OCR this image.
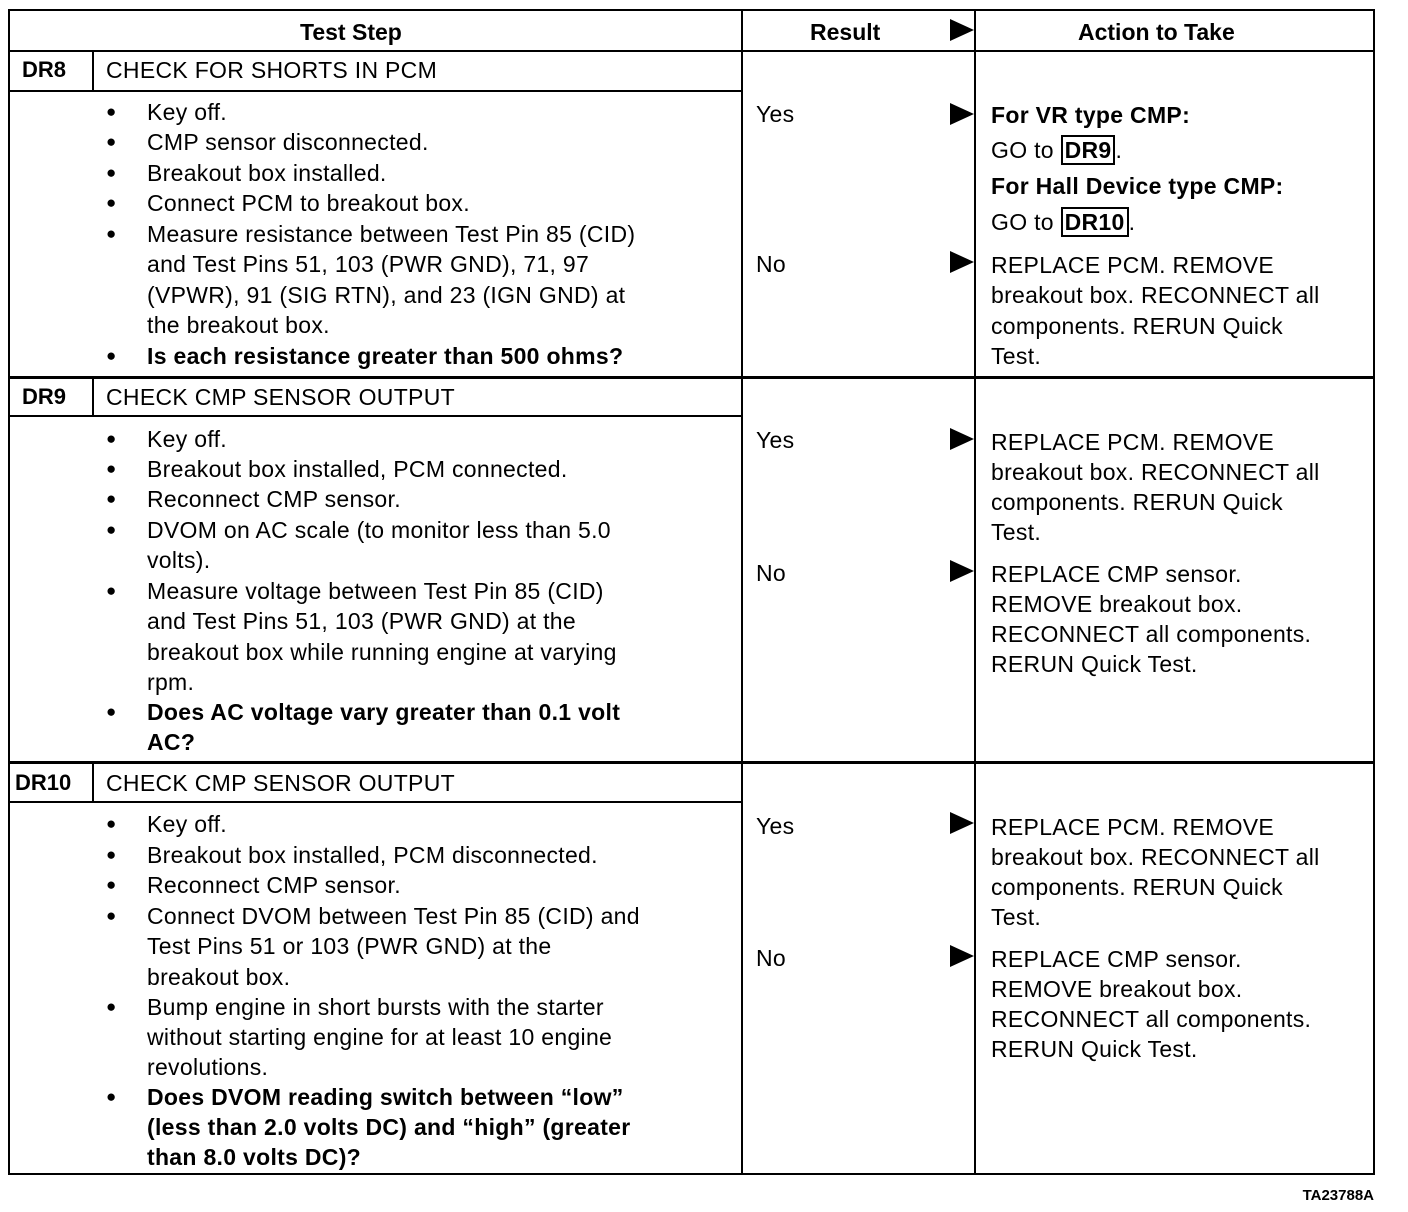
Test Step	Result	Action to Take
DR8 CHECK FOR SHORTS IN PCM
● Key off.
● CMP sensor disconnected.
● Breakout box installed.
● Connect PCM to breakout box.
● Measure resistance between Test Pin 85 (CID)
and Test Pins 51, 103 (PWR GND), 71, 97
(VPWR), 91 (SIG RTN), and 23 (IGN GND) at
the breakout box.
● Is each resistance greater than 500 ohms?
Yes	For VR type CMP:
GO to DR9 .
For Hall Device type CMP:
GO to DR10 .
No	REPLACE PCM. REMOVE
breakout box. RECONNECT all
components. RERUN Quick
Test.
DR9 CHECK CMP SENSOR OUTPUT
● Key off.
● Breakout box installed, PCM connected.
● Reconnect CMP sensor.
● DVOM on AC scale (to monitor less than 5.0
volts).
● Measure voltage between Test Pin 85 (CID)
and Test Pins 51, 103 (PWR GND) at the
breakout box while running engine at varying
rpm.
● Does AC voltage vary greater than 0.1 volt
AC?
Yes	REPLACE PCM. REMOVE
breakout box. RECONNECT all
components. RERUN Quick
Test.
No	REPLACE CMP sensor.
REMOVE breakout box.
RECONNECT all components.
RERUN Quick Test.
DR10 CHECK CMP SENSOR OUTPUT
● Key off.
● Breakout box installed, PCM disconnected.
● Reconnect CMP sensor.
● Connect DVOM between Test Pin 85 (CID) and
Test Pins 51 or 103 (PWR GND) at the
breakout box.
● Bump engine in short bursts with the starter
without starting engine for at least 10 engine
revolutions.
● Does DVOM reading switch between “low”
(less than 2.0 volts DC) and “high” (greater
than 8.0 volts DC)?
Yes	REPLACE PCM. REMOVE
breakout box. RECONNECT all
components. RERUN Quick
Test.
No	REPLACE CMP sensor.
REMOVE breakout box.
RECONNECT all components.
RERUN Quick Test.
TA23788A
